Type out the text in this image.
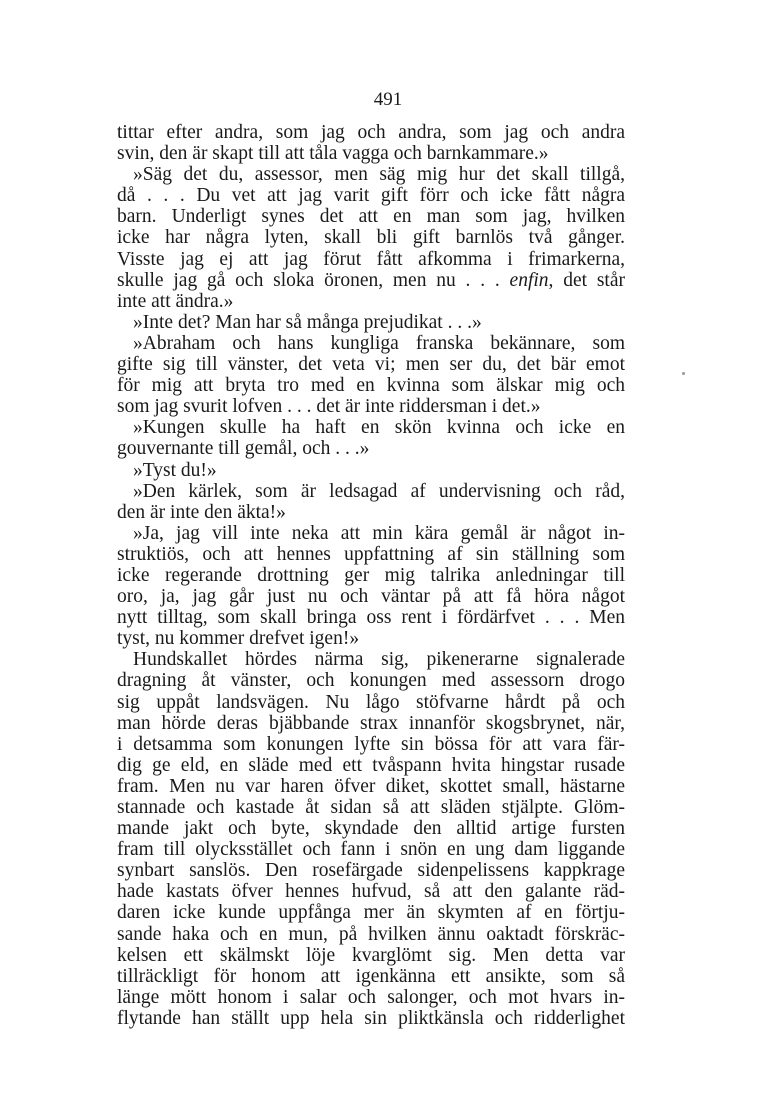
491
tittar efter andra, som jag och andra, som jag och andra
svin, den är skapt till att tåla vagga och barnkammare.»
»Säg det du, assessor, men säg mig hur det skall tillgå,
då . . . Du vet att jag varit gift förr och icke fått några
barn. Underligt synes det att en man som jag, hvilken
icke har några lyten, skall bli gift barnlös två gånger.
Visste jag ej att jag förut fått afkomma i frimarkerna,
skulle jag gå och sloka öronen, men nu . . . enfin, det står
inte att ändra.»
»Inte det? Man har så många prejudikat . . .»
»Abraham och hans kungliga franska bekännare, som
gifte sig till vänster, det veta vi; men ser du, det bär emot
för mig att bryta tro med en kvinna som älskar mig och
som jag svurit lofven . . . det är inte riddersman i det.»
»Kungen skulle ha haft en skön kvinna och icke en
gouvernante till gemål, och . . .»
»Tyst du!»
»Den kärlek, som är ledsagad af undervisning och råd,
den är inte den äkta!»
»Ja, jag vill inte neka att min kära gemål är något in-
struktiös, och att hennes uppfattning af sin ställning som
icke regerande drottning ger mig talrika anledningar till
oro, ja, jag går just nu och väntar på att få höra något
nytt tilltag, som skall bringa oss rent i fördärfvet . . . Men
tyst, nu kommer drefvet igen!»
Hundskallet hördes närma sig, pikenerarne signalerade
dragning åt vänster, och konungen med assessorn drogo
sig uppåt landsvägen. Nu lågo stöfvarne hårdt på och
man hörde deras bjäbbande strax innanför skogsbrynet, när,
i detsamma som konungen lyfte sin bössa för att vara fär-
dig ge eld, en släde med ett tvåspann hvita hingstar rusade
fram. Men nu var haren öfver diket, skottet small, hästarne
stannade och kastade åt sidan så att släden stjälpte. Glöm-
mande jakt och byte, skyndade den alltid artige fursten
fram till olycksstället och fann i snön en ung dam liggande
synbart sanslös. Den rosefärgade sidenpelissens kappkrage
hade kastats öfver hennes hufvud, så att den galante räd-
daren icke kunde uppfånga mer än skymten af en förtju-
sande haka och en mun, på hvilken ännu oaktadt förskräc-
kelsen ett skälmskt löje kvarglömt sig. Men detta var
tillräckligt för honom att igenkänna ett ansikte, som så
länge mött honom i salar och salonger, och mot hvars in-
flytande han ställt upp hela sin pliktkänsla och ridderlighet
